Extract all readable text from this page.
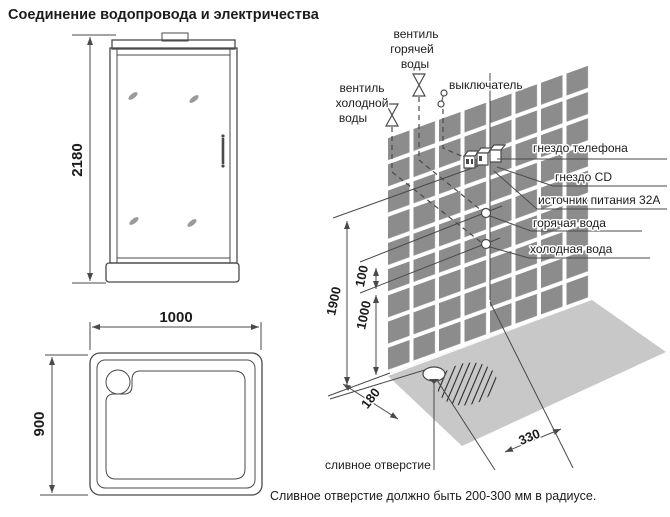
Соединение водопровода и электричества
2180
1000
900
1900
100
1000
180
330
вентиль
горячей
воды
вентиль
холодной
воды
выключатель
гнездо телефона
гнездо CD
источник питания 32А
горячая вода
холодная вода
сливное отверстие
Сливное отверстие должно быть 200-300 мм в радиусе.
